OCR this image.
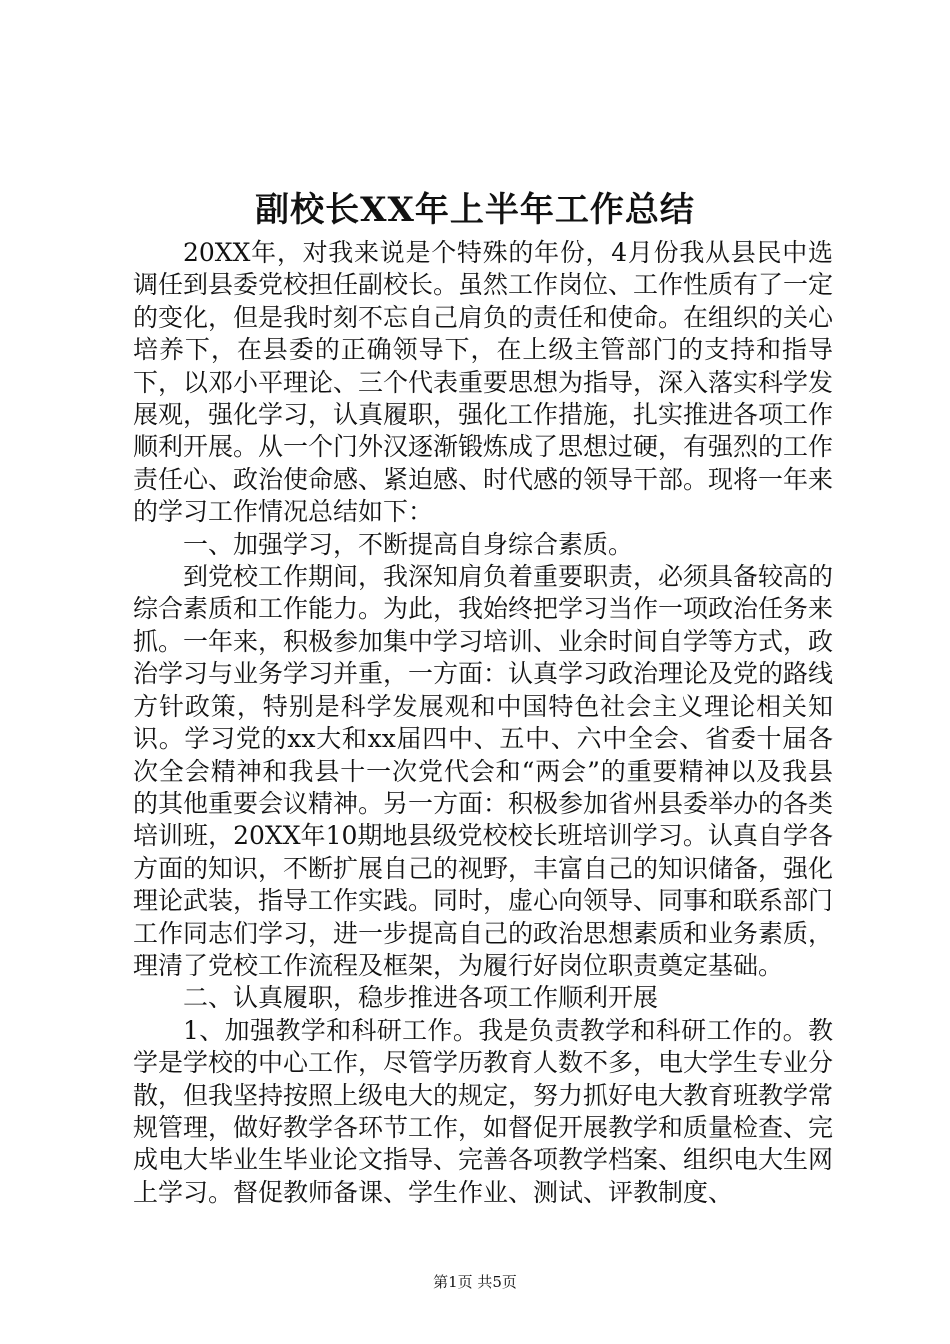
副校长XX年上半年工作总结

20XX年，对我来说是个特殊的年份，4月份我从县民中选调任到县委党校担任副校长。虽然工作岗位、工作性质有了一定的变化，但是我时刻不忘自己肩负的责任和使命。在组织的关心培养下，在县委的正确领导下，在上级主管部门的支持和指导下，以邓小平理论、三个代表重要思想为指导，深入落实科学发展观，强化学习，认真履职，强化工作措施，扎实推进各项工作顺利开展。从一个门外汉逐渐锻炼成了思想过硬，有强烈的工作责任心、政治使命感、紧迫感、时代感的领导干部。现将一年来的学习工作情况总结如下：

一、加强学习，不断提高自身综合素质。

到党校工作期间，我深知肩负着重要职责，必须具备较高的综合素质和工作能力。为此，我始终把学习当作一项政治任务来抓。一年来，积极参加集中学习培训、业余时间自学等方式，政治学习与业务学习并重，一方面：认真学习政治理论及党的路线方针政策，特别是科学发展观和中国特色社会主义理论相关知识。学习党的xx大和xx届四中、五中、六中全会、省委十届各次全会精神和我县十一次党代会和“两会”的重要精神以及我县的其他重要会议精神。另一方面：积极参加省州县委举办的各类培训班，20XX年10期地县级党校校长班培训学习。认真自学各方面的知识，不断扩展自己的视野，丰富自己的知识储备，强化理论武装，指导工作实践。同时，虚心向领导、同事和联系部门工作同志们学习，进一步提高自己的政治思想素质和业务素质，理清了党校工作流程及框架，为履行好岗位职责奠定基础。

二、认真履职，稳步推进各项工作顺利开展

1、加强教学和科研工作。我是负责教学和科研工作的。教学是学校的中心工作，尽管学历教育人数不多，电大学生专业分散，但我坚持按照上级电大的规定，努力抓好电大教育班教学常规管理，做好教学各环节工作，如督促开展教学和质量检查、完成电大毕业生毕业论文指导、完善各项教学档案、组织电大生网上学习。督促教师备课、学生作业、测试、评教制度、

第1页 共5页
